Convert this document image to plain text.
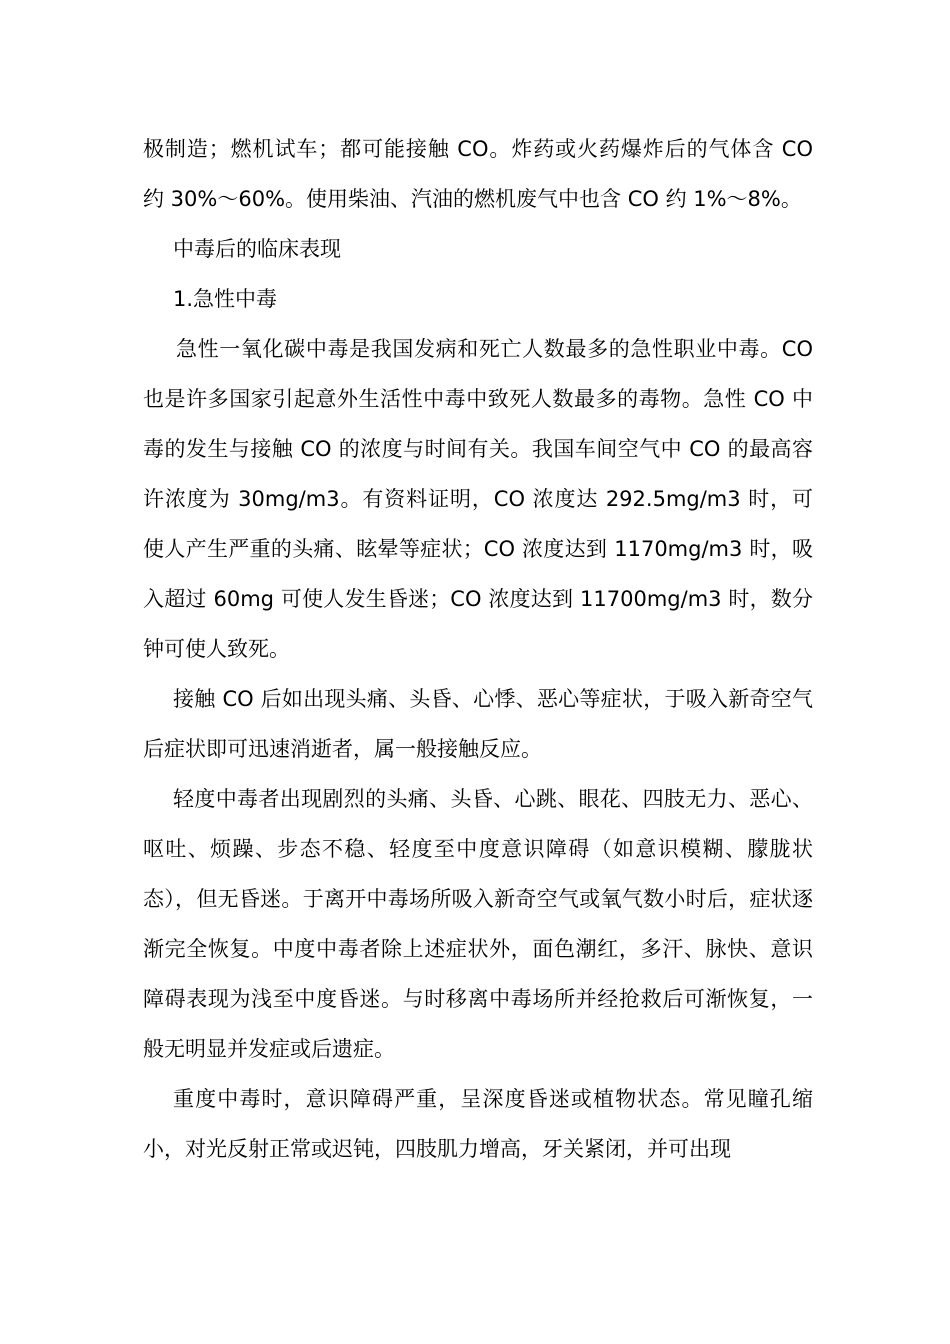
极制造；燃机试车；都可能接触 CO。炸药或火药爆炸后的气体含 CO 约 30%～60%。使用柴油、汽油的燃机废气中也含 CO 约 1%～8%。

中毒后的临床表现

1.急性中毒

急性一氧化碳中毒是我国发病和死亡人数最多的急性职业中毒。CO 也是许多国家引起意外生活性中毒中致死人数最多的毒物。急性 CO 中毒的发生与接触 CO 的浓度与时间有关。我国车间空气中 CO 的最高容许浓度为 30mg/m3。有资料证明，CO 浓度达 292.5mg/m3 时，可使人产生严重的头痛、眩晕等症状；CO 浓度达到 1170mg/m3 时，吸入超过 60mg 可使人发生昏迷；CO 浓度达到 11700mg/m3 时，数分钟可使人致死。

接触 CO 后如出现头痛、头昏、心悸、恶心等症状，于吸入新奇空气后症状即可迅速消逝者，属一般接触反应。

轻度中毒者出现剧烈的头痛、头昏、心跳、眼花、四肢无力、恶心、呕吐、烦躁、步态不稳、轻度至中度意识障碍（如意识模糊、朦胧状态），但无昏迷。于离开中毒场所吸入新奇空气或氧气数小时后，症状逐渐完全恢复。中度中毒者除上述症状外，面色潮红，多汗、脉快、意识障碍表现为浅至中度昏迷。与时移离中毒场所并经抢救后可渐恢复，一般无明显并发症或后遗症。

重度中毒时，意识障碍严重，呈深度昏迷或植物状态。常见瞳孔缩小，对光反射正常或迟钝，四肢肌力增高，牙关紧闭，并可出现
